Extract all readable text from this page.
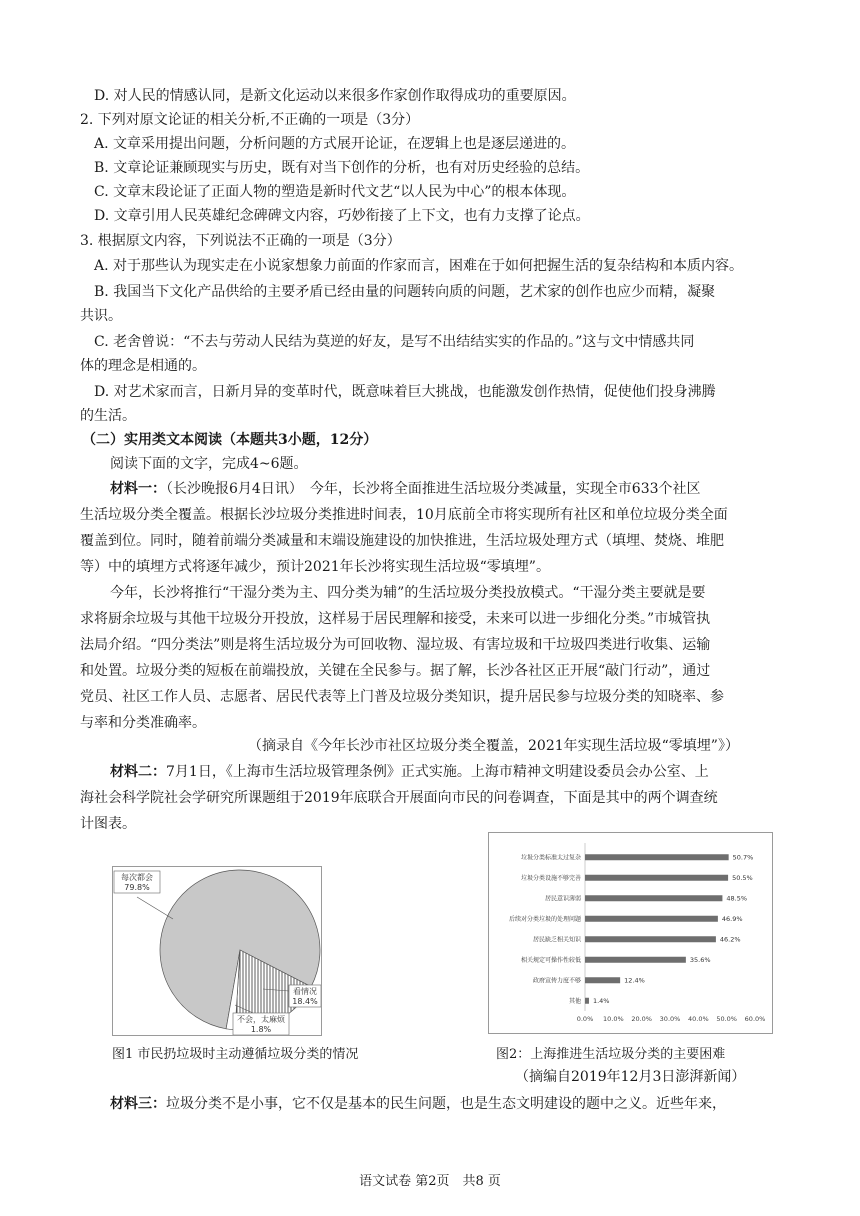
D. 对人民的情感认同，是新文化运动以来很多作家创作取得成功的重要原因。
2. 下列对原文论证的相关分析,不正确的一项是（3分）
A. 文章采用提出问题，分析问题的方式展开论证，在逻辑上也是逐层递进的。
B. 文章论证兼顾现实与历史，既有对当下创作的分析，也有对历史经验的总结。
C. 文章末段论证了正面人物的塑造是新时代文艺“以人民为中心”的根本体现。
D. 文章引用人民英雄纪念碑碑文内容，巧妙衔接了上下文，也有力支撑了论点。
3. 根据原文内容，下列说法不正确的一项是（3分）
A. 对于那些认为现实走在小说家想象力前面的作家而言，困难在于如何把握生活的复杂结构和本质内容。
B. 我国当下文化产品供给的主要矛盾已经由量的问题转向质的问题，艺术家的创作也应少而精，凝聚
共识。
C. 老舍曾说：“不去与劳动人民结为莫逆的好友，是写不出结结实实的作品的。”这与文中情感共同
体的理念是相通的。
D. 对艺术家而言，日新月异的变革时代，既意味着巨大挑战，也能激发创作热情，促使他们投身沸腾
的生活。
（二）实用类文本阅读（本题共3小题，12分）
阅读下面的文字，完成4~6题。
材料一：（长沙晚报6月4日讯）　今年，长沙将全面推进生活垃圾分类减量，实现全市633个社区
生活垃圾分类全覆盖。根据长沙垃圾分类推进时间表，10月底前全市将实现所有社区和单位垃圾分类全面
覆盖到位。同时，随着前端分类减量和末端设施建设的加快推进，生活垃圾处理方式（填埋、焚烧、堆肥
等）中的填埋方式将逐年减少，预计2021年长沙将实现生活垃圾“零填埋”。
今年，长沙将推行“干湿分类为主、四分类为辅”的生活垃圾分类投放模式。“干湿分类主要就是要
求将厨余垃圾与其他干垃圾分开投放，这样易于居民理解和接受，未来可以进一步细化分类。”市城管执
法局介绍。“四分类法”则是将生活垃圾分为可回收物、湿垃圾、有害垃圾和干垃圾四类进行收集、运输
和处置。垃圾分类的短板在前端投放，关键在全民参与。据了解，长沙各社区正开展“敲门行动”，通过
党员、社区工作人员、志愿者、居民代表等上门普及垃圾分类知识，提升居民参与垃圾分类的知晓率、参
与率和分类准确率。
（摘录自《今年长沙市社区垃圾分类全覆盖，2021年实现生活垃圾“零填埋”》）
材料二：7月1日，《上海市生活垃圾管理条例》正式实施。上海市精神文明建设委员会办公室、上
海社会科学院社会学研究所课题组于2019年底联合开展面向市民的问卷调查，下面是其中的两个调查统
计图表。
每次都会
79.8%
看情况
18.4%
不会，太麻烦
1.8%
图1 市民扔垃圾时主动遵循垃圾分类的情况
0.0% 10.0% 20.0% 30.0% 40.0% 50.0% 60.0%
垃圾分类标准太过复杂	50.7%
垃圾分类设施不够完善	50.5%
居民意识薄弱	48.5%
后续对分类垃圾的处理问题	46.9%
居民缺乏相关知识	46.2%
相关规定可操作性较低	35.6%
政府宣传力度不够	12.4%
其他 1.4%
图2：上海推进生活垃圾分类的主要困难
（摘编自2019年12月3日澎湃新闻）
材料三：垃圾分类不是小事，它不仅是基本的民生问题，也是生态文明建设的题中之义。近些年来，
语文试卷 第2页　共8 页
